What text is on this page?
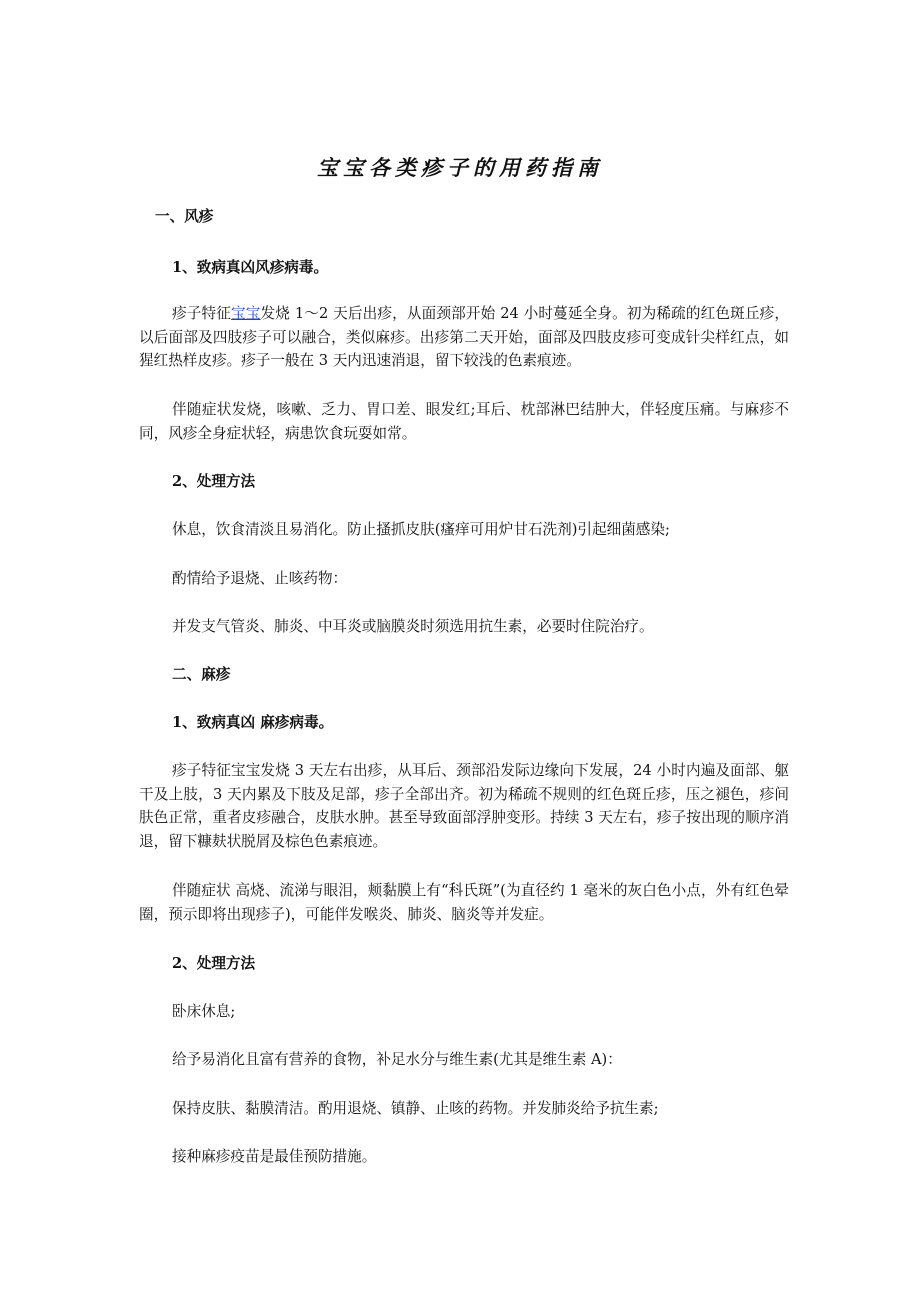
宝宝各类疹子的用药指南
一、风疹
1、致病真凶风疹病毒。
疹子特征宝宝发烧 1～2 天后出疹，从面颈部开始 24 小时蔓延全身。初为稀疏的红色斑丘疹，以后面部及四肢疹子可以融合，类似麻疹。出疹第二天开始，面部及四肢皮疹可变成针尖样红点，如猩红热样皮疹。疹子一般在 3 天内迅速消退，留下较浅的色素痕迹。
伴随症状发烧，咳嗽、乏力、胃口差、眼发红;耳后、枕部淋巴结肿大，伴轻度压痛。与麻疹不同，风疹全身症状轻，病患饮食玩耍如常。
2、处理方法
休息，饮食清淡且易消化。防止搔抓皮肤(瘙痒可用炉甘石洗剂)引起细菌感染;
酌情给予退烧、止咳药物：
并发支气管炎、肺炎、中耳炎或脑膜炎时须选用抗生素，必要时住院治疗。
二、麻疹
1、致病真凶 麻疹病毒。
疹子特征宝宝发烧 3 天左右出疹，从耳后、颈部沿发际边缘向下发展，24 小时内遍及面部、躯干及上肢，3 天内累及下肢及足部，疹子全部出齐。初为稀疏不规则的红色斑丘疹，压之褪色，疹间肤色正常，重者皮疹融合，皮肤水肿。甚至导致面部浮肿变形。持续 3 天左右，疹子按出现的顺序消退，留下糠麸状脱屑及棕色色素痕迹。
伴随症状 高烧、流涕与眼泪，颊黏膜上有“科氏斑”(为直径约 1 毫米的灰白色小点，外有红色晕圈，预示即将出现疹子)，可能伴发喉炎、肺炎、脑炎等并发症。
2、处理方法
卧床休息;
给予易消化且富有营养的食物，补足水分与维生素(尤其是维生素 A)：
保持皮肤、黏膜清洁。酌用退烧、镇静、止咳的药物。并发肺炎给予抗生素;
接种麻疹疫苗是最佳预防措施。
